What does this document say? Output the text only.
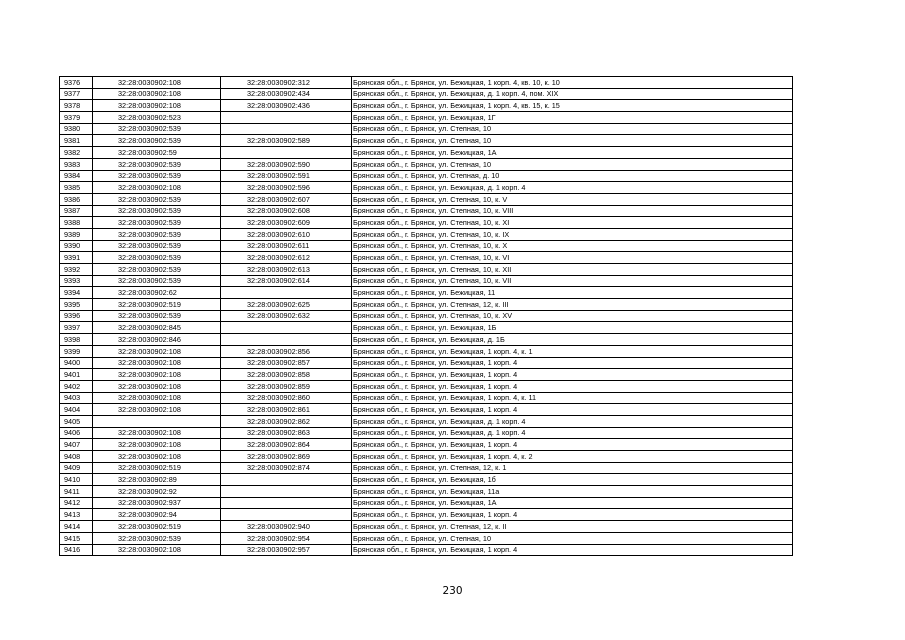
9376	32:28:0030902:108	32:28:0030902:312	Брянская обл., г. Брянск, ул. Бежицкая, 1 корп. 4, кв. 10, к. 10
9377	32:28:0030902:108	32:28:0030902:434	Брянская обл., г. Брянск, ул. Бежицкая, д. 1 корп. 4, пом. XIX
9378	32:28:0030902:108	32:28:0030902:436	Брянская обл., г. Брянск, ул. Бежицкая, 1 корп. 4, кв. 15, к. 15
9379	32:28:0030902:523		Брянская обл., г. Брянск, ул. Бежицкая, 1Г
9380	32:28:0030902:539		Брянская обл., г. Брянск, ул. Степная, 10
9381	32:28:0030902:539	32:28:0030902:589	Брянская обл., г. Брянск, ул. Степная, 10
9382	32:28:0030902:59		Брянская обл., г. Брянск, ул. Бежицкая, 1А
9383	32:28:0030902:539	32:28:0030902:590	Брянская обл., г. Брянск, ул. Степная, 10
9384	32:28:0030902:539	32:28:0030902:591	Брянская обл., г. Брянск, ул. Степная, д. 10
9385	32:28:0030902:108	32:28:0030902:596	Брянская обл., г. Брянск, ул. Бежицкая, д. 1 корп. 4
9386	32:28:0030902:539	32:28:0030902:607	Брянская обл., г. Брянск, ул. Степная, 10, к. V
9387	32:28:0030902:539	32:28:0030902:608	Брянская обл., г. Брянск, ул. Степная, 10, к. VIII
9388	32:28:0030902:539	32:28:0030902:609	Брянская обл., г. Брянск, ул. Степная, 10, к. XI
9389	32:28:0030902:539	32:28:0030902:610	Брянская обл., г. Брянск, ул. Степная, 10, к. IX
9390	32:28:0030902:539	32:28:0030902:611	Брянская обл., г. Брянск, ул. Степная, 10, к. X
9391	32:28:0030902:539	32:28:0030902:612	Брянская обл., г. Брянск, ул. Степная, 10, к. VI
9392	32:28:0030902:539	32:28:0030902:613	Брянская обл., г. Брянск, ул. Степная, 10, к. XII
9393	32:28:0030902:539	32:28:0030902:614	Брянская обл., г. Брянск, ул. Степная, 10, к. VII
9394	32:28:0030902:62		Брянская обл., г. Брянск, ул. Бежицкая, 11
9395	32:28:0030902:519	32:28:0030902:625	Брянская обл., г. Брянск, ул. Степная, 12, к. III
9396	32:28:0030902:539	32:28:0030902:632	Брянская обл., г. Брянск, ул. Степная, 10, к. XV
9397	32:28:0030902:845		Брянская обл., г. Брянск, ул. Бежицкая, 1Б
9398	32:28:0030902:846		Брянская обл., г. Брянск, ул. Бежицкая, д. 1Б
9399	32:28:0030902:108	32:28:0030902:856	Брянская обл., г. Брянск, ул. Бежицкая, 1 корп. 4, к. 1
9400	32:28:0030902:108	32:28:0030902:857	Брянская обл., г. Брянск, ул. Бежицкая, 1 корп. 4
9401	32:28:0030902:108	32:28:0030902:858	Брянская обл., г. Брянск, ул. Бежицкая, 1 корп. 4
9402	32:28:0030902:108	32:28:0030902:859	Брянская обл., г. Брянск, ул. Бежицкая, 1 корп. 4
9403	32:28:0030902:108	32:28:0030902:860	Брянская обл., г. Брянск, ул. Бежицкая, 1 корп. 4, к. 11
9404	32:28:0030902:108	32:28:0030902:861	Брянская обл., г. Брянск, ул. Бежицкая, 1 корп. 4
9405		32:28:0030902:862	Брянская обл., г. Брянск, ул. Бежицкая, д. 1 корп. 4
9406	32:28:0030902:108	32:28:0030902:863	Брянская обл., г. Брянск, ул. Бежицкая, д. 1 корп. 4
9407	32:28:0030902:108	32:28:0030902:864	Брянская обл., г. Брянск, ул. Бежицкая, 1 корп. 4
9408	32:28:0030902:108	32:28:0030902:869	Брянская обл., г. Брянск, ул. Бежицкая, 1 корп. 4, к. 2
9409	32:28:0030902:519	32:28:0030902:874	Брянская обл., г. Брянск, ул. Степная, 12, к. 1
9410	32:28:0030902:89		Брянская обл., г. Брянск, ул. Бежицкая, 1б
9411	32:28:0030902:92		Брянская обл., г. Брянск, ул. Бежицкая, 11а
9412	32:28:0030902:937		Брянская обл., г. Брянск, ул. Бежицкая, 1А
9413	32:28:0030902:94		Брянская обл., г. Брянск, ул. Бежицкая, 1 корп. 4
9414	32:28:0030902:519	32:28:0030902:940	Брянская обл., г. Брянск, ул. Степная, 12, к. II
9415	32:28:0030902:539	32:28:0030902:954	Брянская обл., г. Брянск, ул. Степная, 10
9416	32:28:0030902:108	32:28:0030902:957	Брянская обл., г. Брянск, ул. Бежицкая, 1 корп. 4
230
